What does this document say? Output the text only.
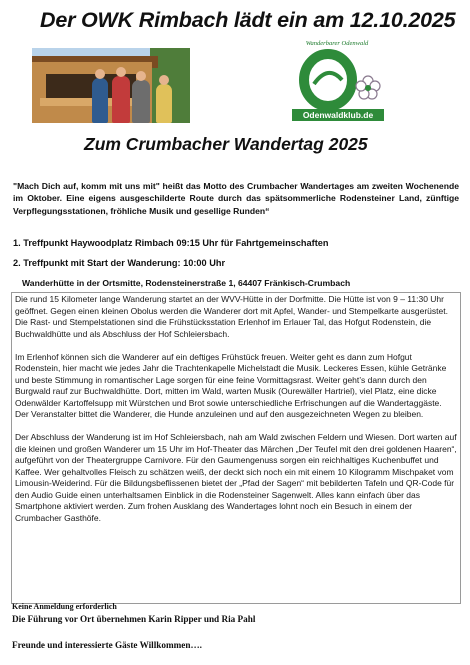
Der OWK Rimbach lädt ein am 12.10.2025
Wanderbarer Odenwald
Odenwaldklub.de
Zum Crumbacher Wandertag 2025
"Mach Dich auf, komm mit uns mit" heißt das Motto des Crumbacher Wandertages am zweiten Wochenende im Oktober. Eine eigens ausgeschilderte Route durch das spätsommerliche Rodensteiner Land, zünftige Verpflegungsstationen, fröhliche Musik und gesellige Runden“
1. Treffpunkt Haywoodplatz Rimbach 09:15 Uhr für Fahrtgemeinschaften
2. Treffpunkt mit Start der Wanderung: 10:00 Uhr
Wanderhütte in der Ortsmitte, Rodensteinerstraße 1, 64407 Fränkisch-Crumbach

Die rund 15 Kilometer lange Wanderung startet an der WVV-Hütte in der Dorfmitte. Die Hütte ist von 9 – 11:30 Uhr geöffnet. Gegen einen kleinen Obolus werden die Wanderer dort mit Apfel, Wander- und Stempelkarte ausgerüstet. Die Rast- und Stempelstationen sind die Frühstücksstation Erlenhof im Erlauer Tal, das Hofgut Rodenstein, die Buchwaldhütte und als Abschluss der Hof Schleiersbach.

Im Erlenhof können sich die Wanderer auf ein deftiges Frühstück freuen. Weiter geht es dann zum Hofgut Rodenstein, hier macht wie jedes Jahr die Trachtenkapelle Michelstadt die Musik. Leckeres Essen, kühle Getränke und beste Stimmung in romantischer Lage sorgen für eine feine Vormittagsrast. Weiter geht’s dann durch den Burgwald rauf zur Buchwaldhütte. Dort, mitten im Wald, warten Musik (Ourewäller Hartriel), viel Platz, eine dicke Odenwälder Kartoffelsupp mit Würstchen und Brot sowie unterschiedliche Erfrischungen auf die Wandertaggäste. Der Veranstalter bittet die Wanderer, die Hunde anzuleinen und auf den ausgezeichneten Wegen zu bleiben.

Der Abschluss der Wanderung ist im Hof Schleiersbach, nah am Wald zwischen Feldern und Wiesen. Dort warten auf die kleinen und großen Wanderer um 15 Uhr im Hof-Theater das Märchen „Der Teufel mit den drei goldenen Haaren“, aufgeführt von der Theatergruppe Carnivore. Für den Gaumengenuss sorgen ein reichhaltiges Kuchenbuffet und Kaffee. Wer gehaltvolles Fleisch zu schätzen weiß, der deckt sich noch ein mit einem 10 Kilogramm Mischpaket vom Limousin-Weiderind. Für die Bildungsbeflissenen bietet der „Pfad der Sagen“ mit bebilderten Tafeln und QR-Code für den Audio Guide einen unterhaltsamen Einblick in die Rodensteiner Sagenwelt. Alles kann einfach über das Smartphone aktiviert werden. Zum frohen Ausklang des Wandertages lohnt noch ein Besuch in einem der Crumbacher Gasthöfe.

Keine Anmeldung erforderlich
Die Führung vor Ort übernehmen Karin Ripper und Ria Pahl
Freunde und interessierte Gäste Willkommen….
